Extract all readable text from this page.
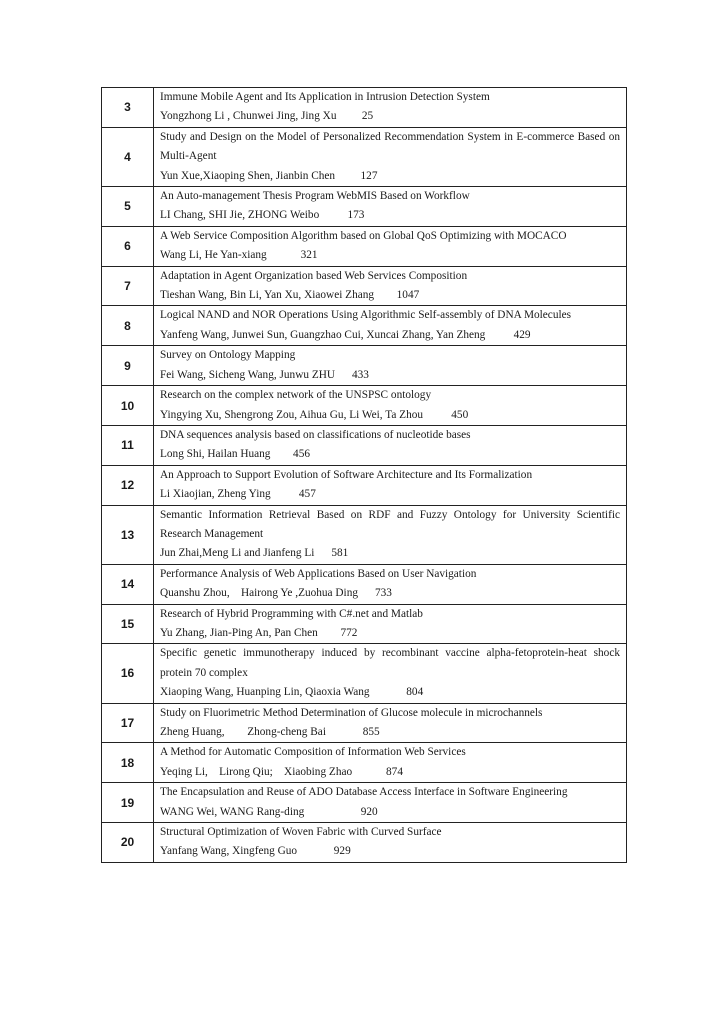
3	Immune Mobile Agent and Its Application in Intrusion Detection System

Yongzhong Li , Chunwei Jing, Jing Xu 25

4	Study and Design on the Model of Personalized Recommendation System in E-commerce Based on Multi-Agent

Yun Xue,Xiaoping Shen, Jianbin Chen 127

5	An Auto-management Thesis Program WebMIS Based on Workflow

LI Chang, SHI Jie, ZHONG Weibo 173

6	A Web Service Composition Algorithm based on Global QoS Optimizing with MOCACO

Wang Li, He Yan-xiang 321

7	Adaptation in Agent Organization based Web Services Composition

Tieshan Wang, Bin Li, Yan Xu, Xiaowei Zhang 1047

8	Logical NAND and NOR Operations Using Algorithmic Self-assembly of DNA Molecules

Yanfeng Wang, Junwei Sun, Guangzhao Cui, Xuncai Zhang, Yan Zheng 429

9	Survey on Ontology Mapping

Fei Wang, Sicheng Wang, Junwu ZHU 433

10	Research on the complex network of the UNSPSC ontology

Yingying Xu, Shengrong Zou, Aihua Gu, Li Wei, Ta Zhou 450

11	DNA sequences analysis based on classifications of nucleotide bases

Long Shi, Hailan Huang 456

12	An Approach to Support Evolution of Software Architecture and Its Formalization

Li Xiaojian, Zheng Ying 457

13	Semantic Information Retrieval Based on RDF and Fuzzy Ontology for University Scientific Research Management

Jun Zhai,Meng Li and Jianfeng Li 581

14	Performance Analysis of Web Applications Based on User Navigation

Quanshu Zhou,    Hairong Ye ,Zuohua Ding 733

15	Research of Hybrid Programming with C#.net and Matlab

Yu Zhang, Jian-Ping An, Pan Chen 772

16	Specific genetic immunotherapy induced by recombinant vaccine alpha-fetoprotein-heat shock protein 70 complex

Xiaoping Wang, Huanping Lin, Qiaoxia Wang 804

17	Study on Fluorimetric Method Determination of Glucose molecule in microchannels

Zheng Huang,        Zhong-cheng Bai 855

18	A Method for Automatic Composition of Information Web Services

Yeqing Li,    Lirong Qiu;    Xiaobing Zhao 874

19	The Encapsulation and Reuse of ADO Database Access Interface in Software Engineering

WANG Wei, WANG Rang-ding 920

20	Structural Optimization of Woven Fabric with Curved Surface

Yanfang Wang, Xingfeng Guo 929
